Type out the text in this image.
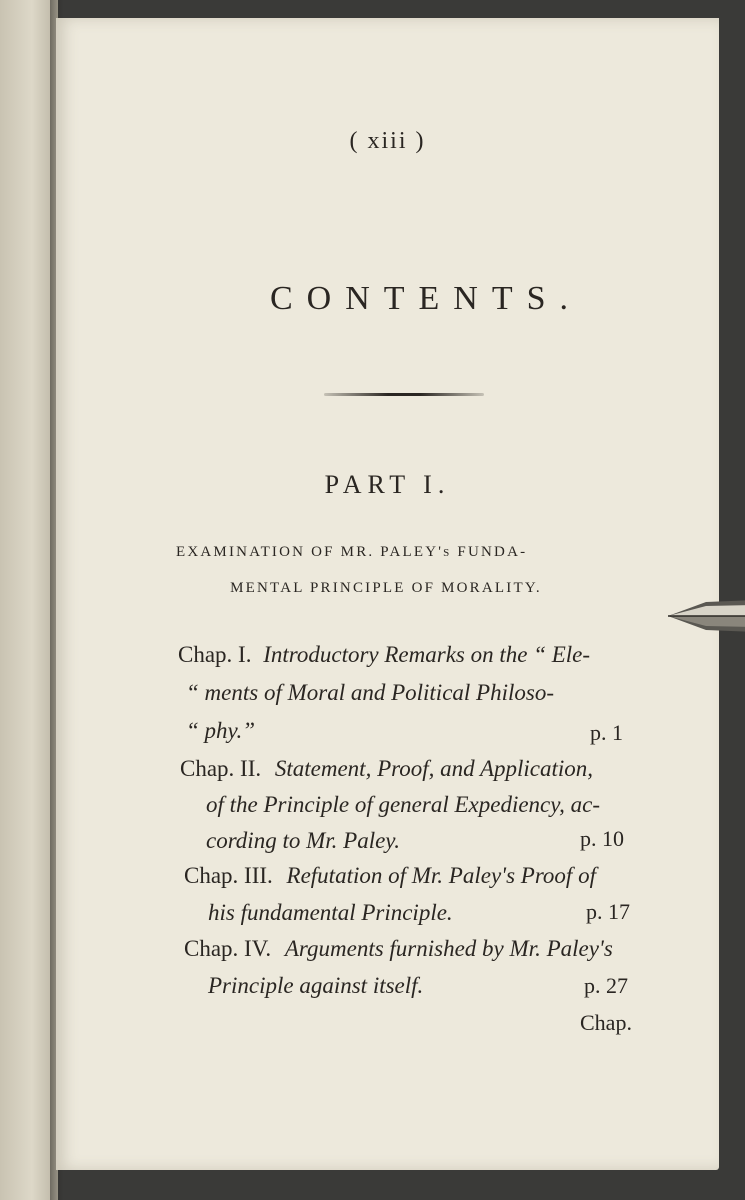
( xiii )
CONTENTS.
PART I.
EXAMINATION OF MR. PALEY's FUNDA-
MENTAL PRINCIPLE OF MORALITY.
Chap. I. Introductory Remarks on the “ Ele-
“ ments of Moral and Political Philoso-
“ phy.”	p. 1
Chap. II. Statement, Proof, and Application,
of the Principle of general Expediency, ac-
cording to Mr. Paley.	p. 10
Chap. III. Refutation of Mr. Paley's Proof of
his fundamental Principle.	p. 17
Chap. IV. Arguments furnished by Mr. Paley's
Principle against itself.	p. 27
Chap.
